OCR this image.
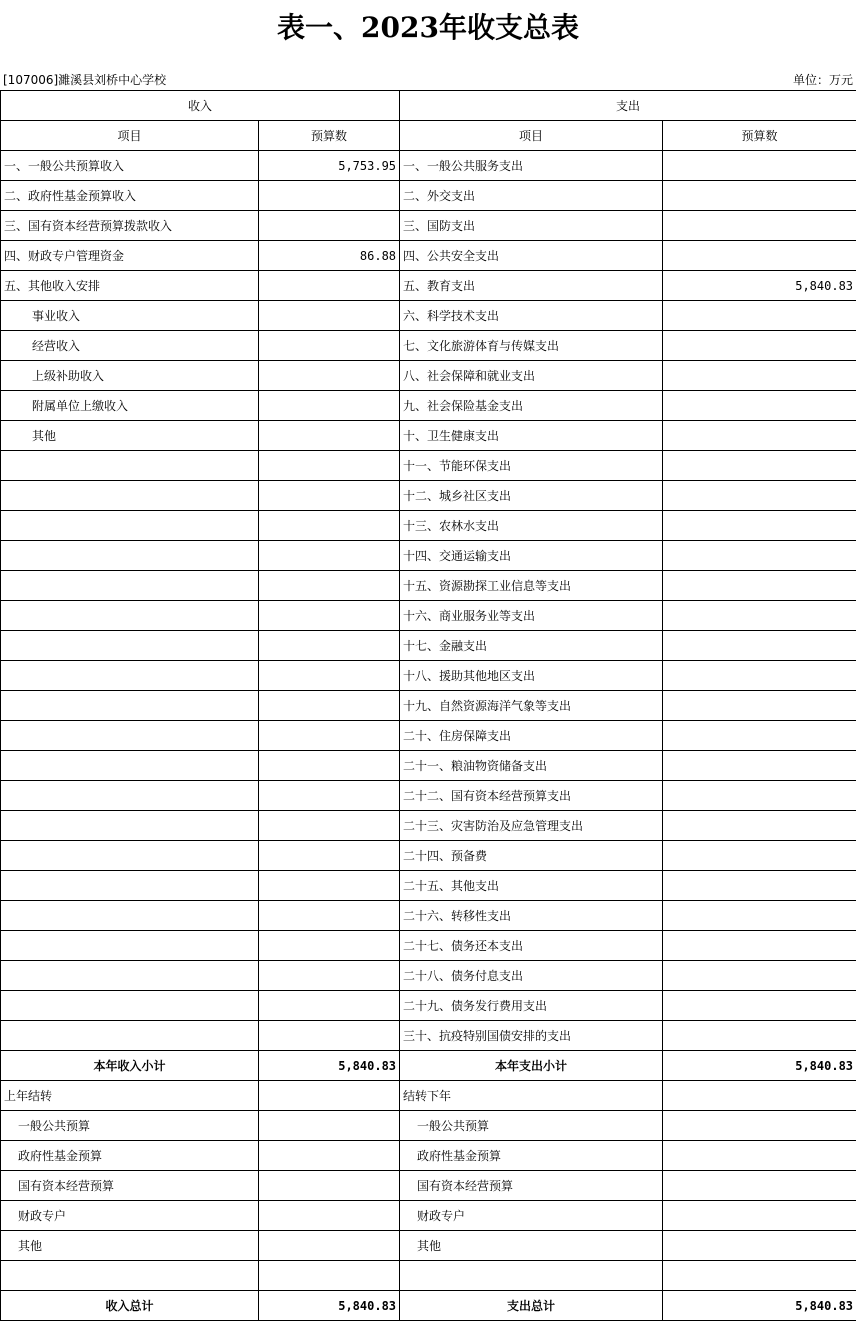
表一、2023年收支总表
[107006]濉溪县刘桥中心学校	单位：万元
收入		支出	
项目	预算数	项目	预算数
一、一般公共预算收入	5,753.95	一、一般公共服务支出	
二、政府性基金预算收入		二、外交支出	
三、国有资本经营预算拨款收入		三、国防支出	
四、财政专户管理资金	86.88	四、公共安全支出	
五、其他收入安排		五、教育支出	5,840.83
事业收入		六、科学技术支出	
经营收入		七、文化旅游体育与传媒支出	
上级补助收入		八、社会保障和就业支出	
附属单位上缴收入		九、社会保险基金支出	
其他		十、卫生健康支出	
		十一、节能环保支出	
		十二、城乡社区支出	
		十三、农林水支出	
		十四、交通运输支出	
		十五、资源勘探工业信息等支出	
		十六、商业服务业等支出	
		十七、金融支出	
		十八、援助其他地区支出	
		十九、自然资源海洋气象等支出	
		二十、住房保障支出	
		二十一、粮油物资储备支出	
		二十二、国有资本经营预算支出	
		二十三、灾害防治及应急管理支出	
		二十四、预备费	
		二十五、其他支出	
		二十六、转移性支出	
		二十七、债务还本支出	
		二十八、债务付息支出	
		二十九、债务发行费用支出	
		三十、抗疫特别国债安排的支出	
本年收入小计	5,840.83	本年支出小计	5,840.83
上年结转		结转下年	
一般公共预算		一般公共预算	
政府性基金预算		政府性基金预算	
国有资本经营预算		国有资本经营预算	
财政专户		财政专户	
其他		其他	

收入总计	5,840.83	支出总计	5,840.83
